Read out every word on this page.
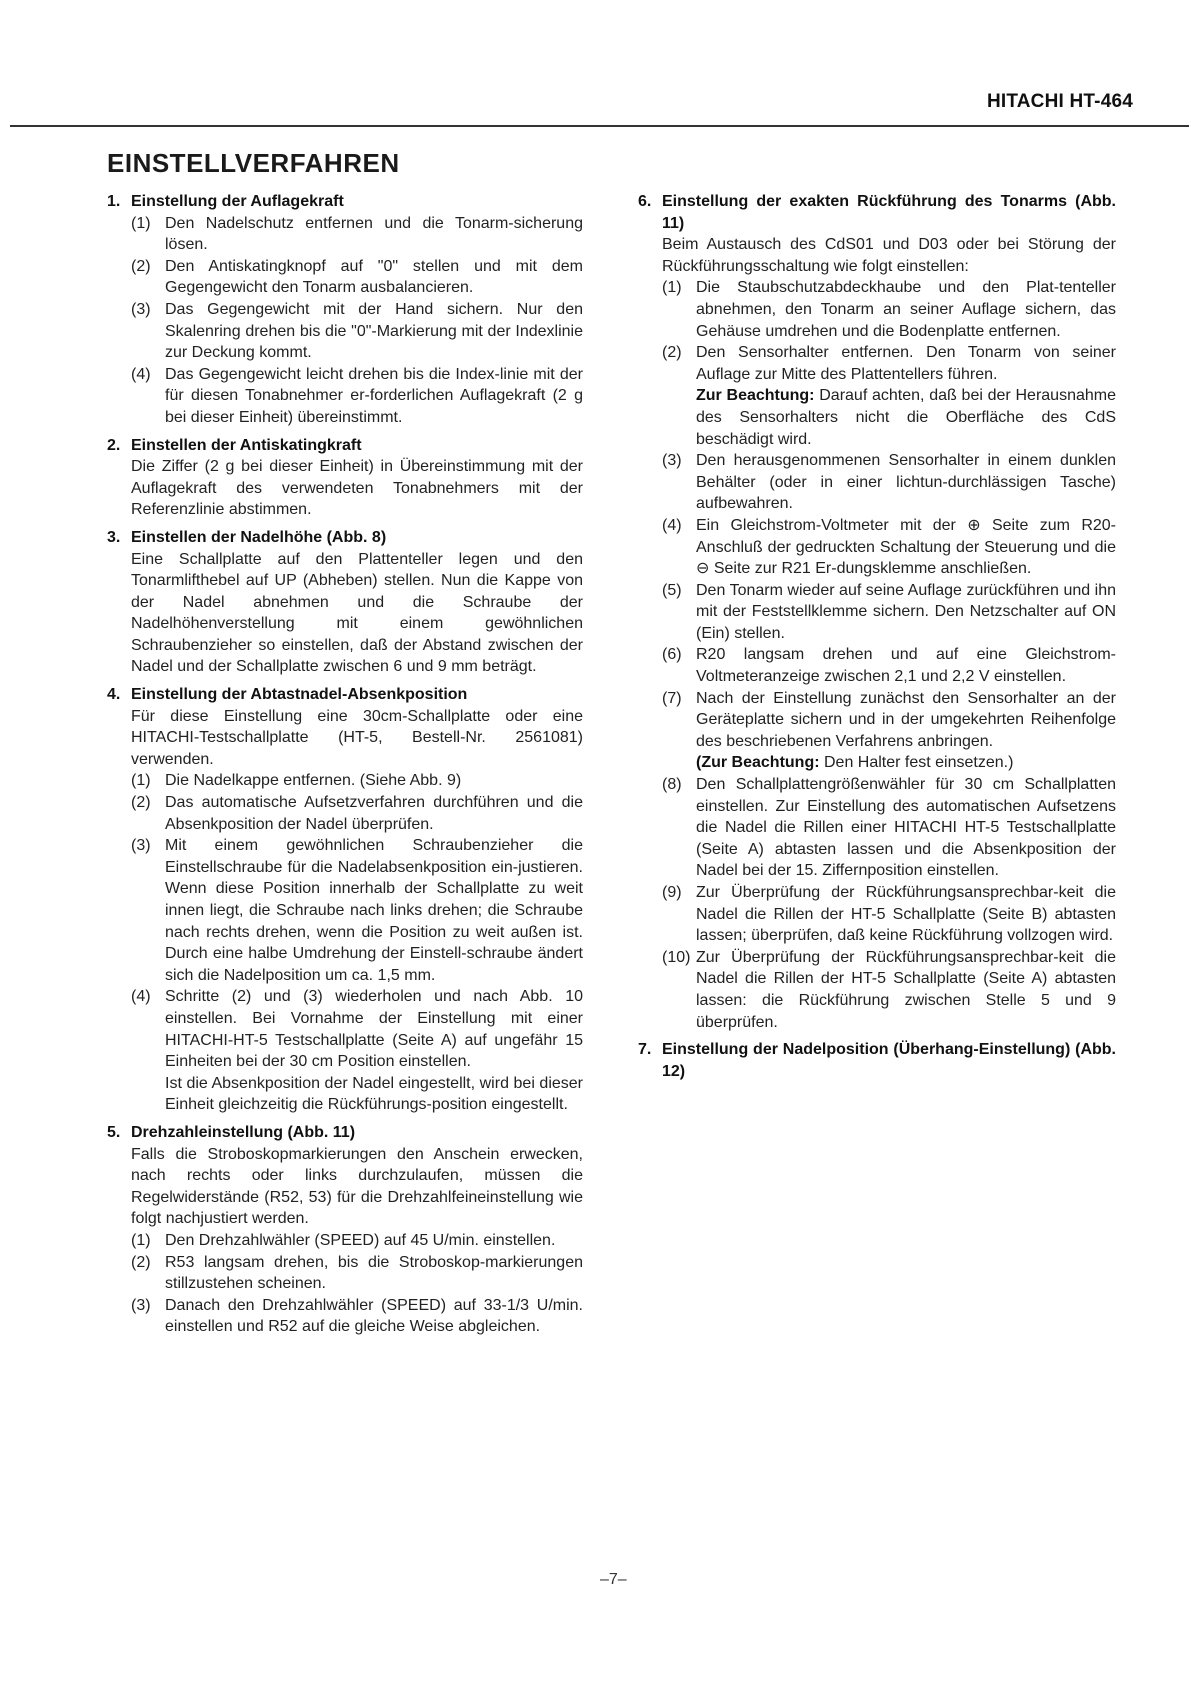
HITACHI HT-464
EINSTELLVERFAHREN
1. Einstellung der Auflagekraft
(1) Den Nadelschutz entfernen und die Tonarm-sicherung lösen.
(2) Den Antiskatingknopf auf "0" stellen und mit dem Gegengewicht den Tonarm ausbalancieren.
(3) Das Gegengewicht mit der Hand sichern. Nur den Skalenring drehen bis die "0"-Markierung mit der Indexlinie zur Deckung kommt.
(4) Das Gegengewicht leicht drehen bis die Index-linie mit der für diesen Tonabnehmer er-forderlichen Auflagekraft (2 g bei dieser Einheit) übereinstimmt.
2. Einstellen der Antiskatingkraft
Die Ziffer (2 g bei dieser Einheit) in Übereinstimmung mit der Auflagekraft des verwendeten Tonabnehmers mit der Referenzlinie abstimmen.
3. Einstellen der Nadelhöhe (Abb. 8)
Eine Schallplatte auf den Plattenteller legen und den Tonarmlifthebel auf UP (Abheben) stellen. Nun die Kappe von der Nadel abnehmen und die Schraube der Nadelhöhenverstellung mit einem gewöhnlichen Schraubenzieher so einstellen, daß der Abstand zwischen der Nadel und der Schallplatte zwischen 6 und 9 mm beträgt.
4. Einstellung der Abtastnadel-Absenkposition
Für diese Einstellung eine 30cm-Schallplatte oder eine HITACHI-Testschallplatte (HT-5, Bestell-Nr. 2561081) verwenden.
(1) Die Nadelkappe entfernen. (Siehe Abb. 9)
(2) Das automatische Aufsetzverfahren durchführen und die Absenkposition der Nadel überprüfen.
(3) Mit einem gewöhnlichen Schraubenzieher die Einstellschraube für die Nadelabsenkposition ein-justieren. Wenn diese Position innerhalb der Schallplatte zu weit innen liegt, die Schraube nach links drehen; die Schraube nach rechts drehen, wenn die Position zu weit außen ist. Durch eine halbe Umdrehung der Einstell-schraube ändert sich die Nadelposition um ca. 1,5 mm.
(4) Schritte (2) und (3) wiederholen und nach Abb. 10 einstellen. Bei Vornahme der Einstellung mit einer HITACHI-HT-5 Testschallplatte (Seite A) auf ungefähr 15 Einheiten bei der 30 cm Position einstellen.
Ist die Absenkposition der Nadel eingestellt, wird bei dieser Einheit gleichzeitig die Rückführungs-position eingestellt.
5. Drehzahleinstellung (Abb. 11)
Falls die Stroboskopmarkierungen den Anschein erwecken, nach rechts oder links durchzulaufen, müssen die Regelwiderstände (R52, 53) für die Drehzahlfeineinstellung wie folgt nachjustiert werden.
(1) Den Drehzahlwähler (SPEED) auf 45 U/min. einstellen.
(2) R53 langsam drehen, bis die Stroboskop-markierungen stillzustehen scheinen.
(3) Danach den Drehzahlwähler (SPEED) auf 33-1/3 U/min. einstellen und R52 auf die gleiche Weise abgleichen.
6. Einstellung der exakten Rückführung des Tonarms (Abb. 11)
Beim Austausch des CdS01 und D03 oder bei Störung der Rückführungsschaltung wie folgt einstellen:
(1) Die Staubschutzabdeckhaube und den Plat-tenteller abnehmen, den Tonarm an seiner Auflage sichern, das Gehäuse umdrehen und die Bodenplatte entfernen.
(2) Den Sensorhalter entfernen. Den Tonarm von seiner Auflage zur Mitte des Plattentellers führen.
Zur Beachtung: Darauf achten, daß bei der Herausnahme des Sensorhalters nicht die Oberfläche des CdS beschädigt wird.
(3) Den herausgenommenen Sensorhalter in einem dunklen Behälter (oder in einer lichtun-durchlässigen Tasche) aufbewahren.
(4) Ein Gleichstrom-Voltmeter mit der ⊕ Seite zum R20-Anschluß der gedruckten Schaltung der Steuerung und die ⊖ Seite zur R21 Er-dungsklemme anschließen.
(5) Den Tonarm wieder auf seine Auflage zurückführen und ihn mit der Feststellklemme sichern. Den Netzschalter auf ON (Ein) stellen.
(6) R20 langsam drehen und auf eine Gleichstrom-Voltmeteranzeige zwischen 2,1 und 2,2 V einstellen.
(7) Nach der Einstellung zunächst den Sensorhalter an der Geräteplatte sichern und in der umgekehrten Reihenfolge des beschriebenen Verfahrens anbringen.
(Zur Beachtung: Den Halter fest einsetzen.)
(8) Den Schallplattengrößenwähler für 30 cm Schallplatten einstellen. Zur Einstellung des automatischen Aufsetzens die Nadel die Rillen einer HITACHI HT-5 Testschallplatte (Seite A) abtasten lassen und die Absenkposition der Nadel bei der 15. Ziffernposition einstellen.
(9) Zur Überprüfung der Rückführungsansprechbar-keit die Nadel die Rillen der HT-5 Schallplatte (Seite B) abtasten lassen; überprüfen, daß keine Rückführung vollzogen wird.
(10) Zur Überprüfung der Rückführungsansprechbar-keit die Nadel die Rillen der HT-5 Schallplatte (Seite A) abtasten lassen: die Rückführung zwischen Stelle 5 und 9 überprüfen.
7. Einstellung der Nadelposition (Überhang-Einstellung) (Abb. 12)
–7–
